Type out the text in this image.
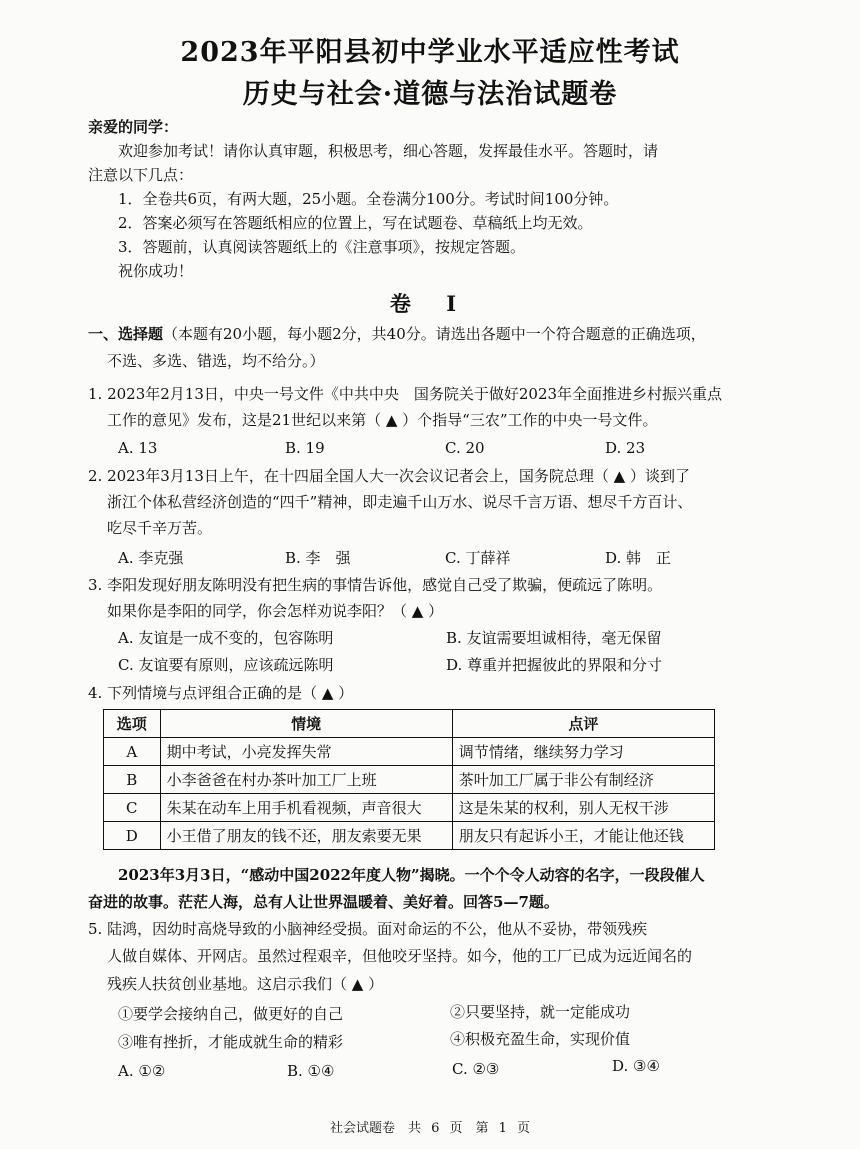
2023年平阳县初中学业水平适应性考试
历史与社会·道德与法治试题卷
亲爱的同学：
欢迎参加考试！请你认真审题，积极思考，细心答题，发挥最佳水平。答题时，请
注意以下几点：
1．全卷共6页，有两大题，25小题。全卷满分100分。考试时间100分钟。
2．答案必须写在答题纸相应的位置上，写在试题卷、草稿纸上均无效。
3．答题前，认真阅读答题纸上的《注意事项》，按规定答题。
祝你成功！
卷 I
一、选择题（本题有20小题，每小题2分，共40分。请选出各题中一个符合题意的正确选项，
不选、多选、错选，均不给分。）
1. 2023年2月13日，中央一号文件《中共中央　国务院关于做好2023年全面推进乡村振兴重点
工作的意见》发布，这是21世纪以来第（ ▲ ）个指导“三农”工作的中央一号文件。
A. 13	B. 19	C. 20	D. 23
2. 2023年3月13日上午，在十四届全国人大一次会议记者会上，国务院总理（ ▲ ）谈到了
浙江个体私营经济创造的“四千”精神，即走遍千山万水、说尽千言万语、想尽千方百计、
吃尽千辛万苦。
A. 李克强	B. 李　强	C. 丁薛祥	D. 韩　正
3. 李阳发现好朋友陈明没有把生病的事情告诉他，感觉自己受了欺骗，便疏远了陈明。
如果你是李阳的同学，你会怎样劝说李阳？（ ▲ ）
A. 友谊是一成不变的，包容陈明	B. 友谊需要坦诚相待，毫无保留
C. 友谊要有原则，应该疏远陈明	D. 尊重并把握彼此的界限和分寸
4. 下列情境与点评组合正确的是（ ▲ ）
选项	情境	点评
A	期中考试，小亮发挥失常	调节情绪，继续努力学习
B	小李爸爸在村办茶叶加工厂上班	茶叶加工厂属于非公有制经济
C	朱某在动车上用手机看视频，声音很大	这是朱某的权利，别人无权干涉
D	小王借了朋友的钱不还，朋友索要无果	朋友只有起诉小王，才能让他还钱
2023年3月3日，“感动中国2022年度人物”揭晓。一个个令人动容的名字，一段段催人
奋进的故事。茫茫人海，总有人让世界温暖着、美好着。回答5—7题。
5. 陆鸿，因幼时高烧导致的小脑神经受损。面对命运的不公，他从不妥协，带领残疾
人做自媒体、开网店。虽然过程艰辛，但他咬牙坚持。如今，他的工厂已成为远近闻名的
残疾人扶贫创业基地。这启示我们（ ▲ ）
①要学会接纳自己，做更好的自己	②只要坚持，就一定能成功
③唯有挫折，才能成就生命的精彩	④积极充盈生命，实现价值
A. ①②	B. ①④	C. ②③	D. ③④
社会试题卷　共 6 页　第 1 页
